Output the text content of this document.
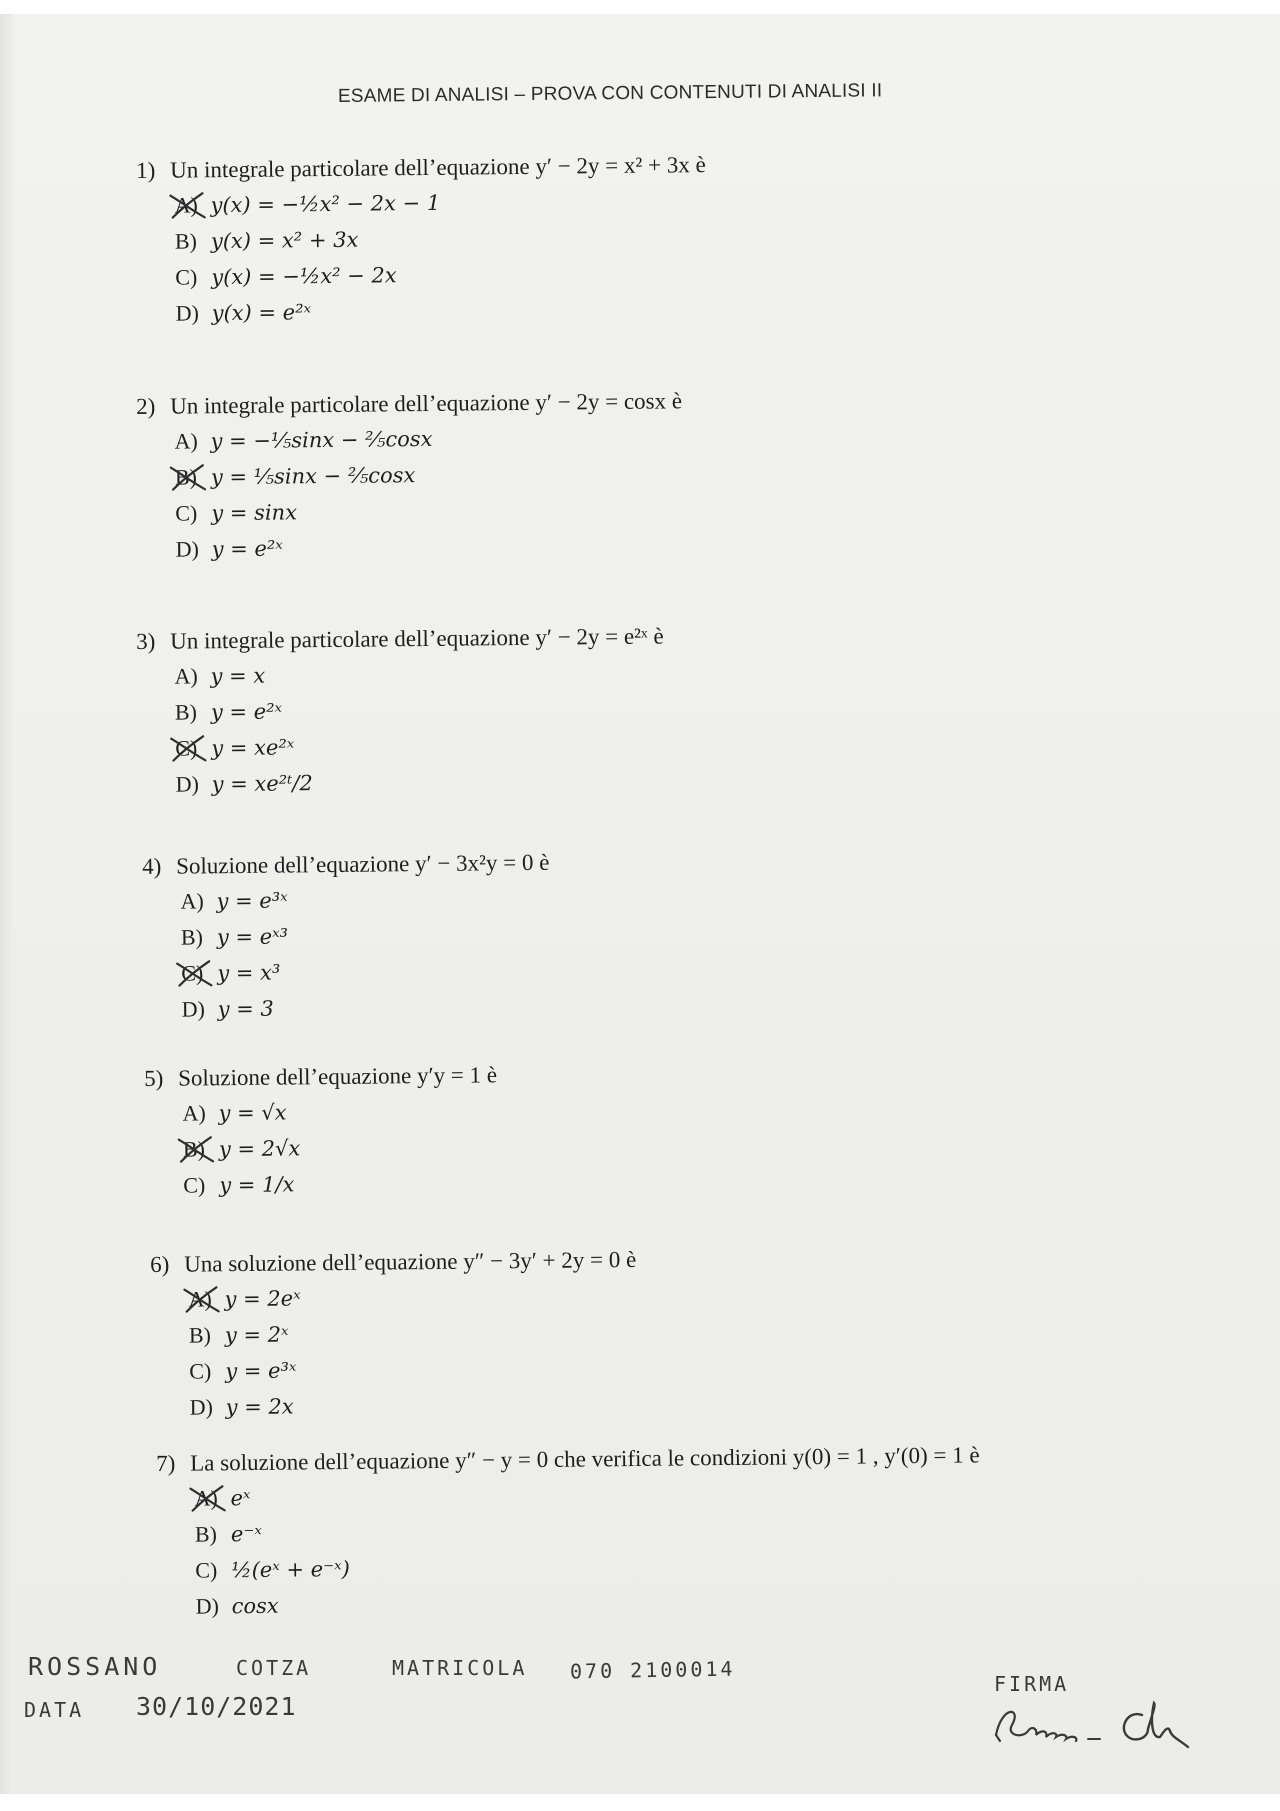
ESAME DI ANALISI – PROVA CON CONTENUTI DI ANALISI II
1) Un integrale particolare dell’equazione y′ − 2y = x² + 3x è
A) y(x) = −½x² − 2x − 1
B) y(x) = x² + 3x
C) y(x) = −½x² − 2x
D) y(x) = e²ˣ
2) Un integrale particolare dell’equazione y′ − 2y = cosx è
A) y = −⅕sinx − ⅖cosx
B) y = ⅕sinx − ⅖cosx
C) y = sinx
D) y = e²ˣ
3) Un integrale particolare dell’equazione y′ − 2y = e²ˣ è
A) y = x
B) y = e²ˣ
C) y = xe²ˣ
D) y = xe²ᵗ/2
4) Soluzione dell’equazione y′ − 3x²y = 0 è
A) y = e³ˣ
B) y = eˣ³
C) y = x³
D) y = 3
5) Soluzione dell’equazione y′y = 1 è
A) y = √x
B) y = 2√x
C) y = 1/x
6) Una soluzione dell’equazione y″ − 3y′ + 2y = 0 è
A) y = 2eˣ
B) y = 2ˣ
C) y = e³ˣ
D) y = 2x
7) La soluzione dell’equazione y″ − y = 0 che verifica le condizioni y(0) = 1 , y′(0) = 1 è
A) eˣ
B) e⁻ˣ
C) ½(eˣ + e⁻ˣ)
D) cosx
ROSSANO	COTZA	MATRICOLA 070 2100014
DATA 30/10/2021
FIRMA
